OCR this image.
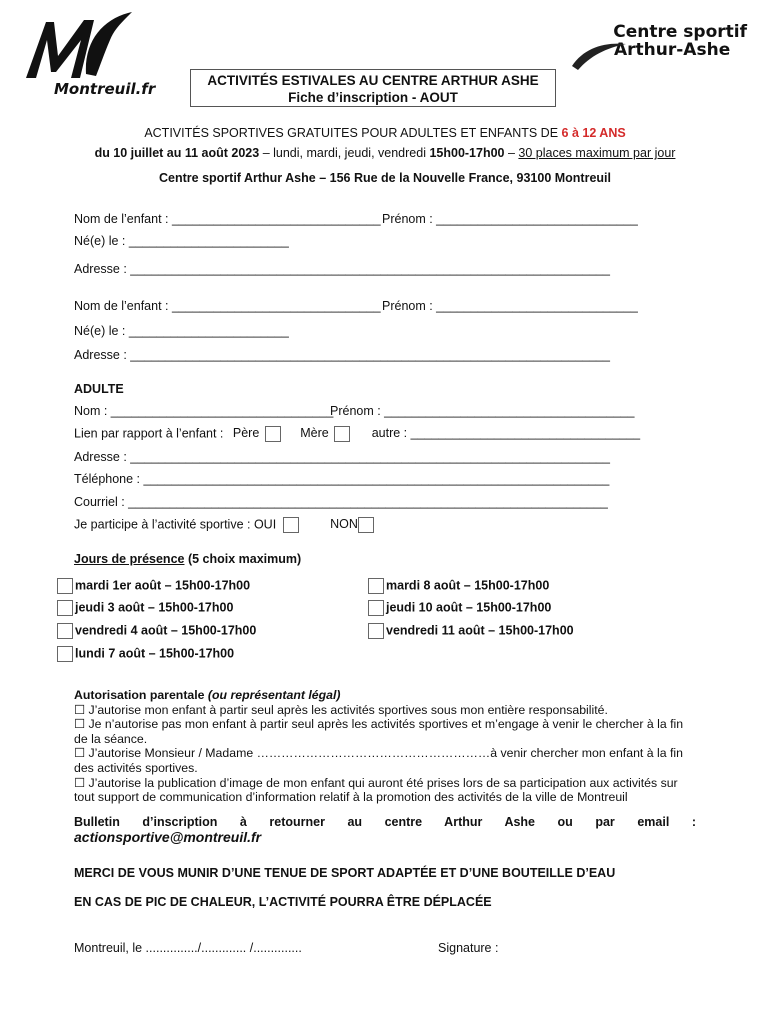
Montreuil.fr
Centre sportif
Arthur-Ashe
ACTIVITÉS ESTIVALES AU CENTRE ARTHUR ASHE
Fiche d’inscription - AOUT
ACTIVITÉS SPORTIVES GRATUITES POUR ADULTES ET ENFANTS DE 6 à 12 ANS
du 10 juillet au 11 août 2023 – lundi, mardi, jeudi, vendredi 15h00-17h00 – 30 places maximum par jour
Centre sportif Arthur Ashe – 156 Rue de la Nouvelle France, 93100 Montreuil
Nom de l’enfant : ______________________________ Prénom : _____________________________
Né(e) le : _______________________
Adresse : _____________________________________________________________________
Nom de l’enfant : ______________________________ Prénom : _____________________________
Né(e) le : _______________________
Adresse : _____________________________________________________________________
ADULTE
Nom : ________________________________
Prénom : ____________________________________
Lien par rapport à l’enfant : Père	Mère	autre : _________________________________
Adresse : _____________________________________________________________________
Téléphone : ___________________________________________________________________
Courriel : _____________________________________________________________________
Je participe à l’activité sportive : OUI	NON
Jours de présence (5 choix maximum)
mardi 1er août – 15h00-17h00
jeudi 3 août – 15h00-17h00
vendredi 4 août – 15h00-17h00
lundi 7 août – 15h00-17h00
mardi 8 août – 15h00-17h00
jeudi 10 août – 15h00-17h00
vendredi 11 août – 15h00-17h00
Autorisation parentale (ou représentant légal)
☐ J’autorise mon enfant à partir seul après les activités sportives sous mon entière responsabilité.
☐ Je n’autorise pas mon enfant à partir seul après les activités sportives et m’engage à venir le chercher à la fin de la séance.
☐ J’autorise Monsieur / Madame …………………………………………………à venir chercher mon enfant à la fin des activités sportives.
☐ J’autorise la publication d’image de mon enfant qui auront été prises lors de sa participation aux activités sur tout support de communication d’information relatif à la promotion des activités de la ville de Montreuil
Bulletin d’inscription à retourner au centre Arthur Ashe ou par email :
actionsportive@montreuil.fr
MERCI DE VOUS MUNIR D’UNE TENUE DE SPORT ADAPTÉE ET D’UNE BOUTEILLE D’EAU
EN CAS DE PIC DE CHALEUR, L’ACTIVITÉ POURRA ÊTRE DÉPLACÉE
Montreuil, le .............../............. /..............	Signature :
